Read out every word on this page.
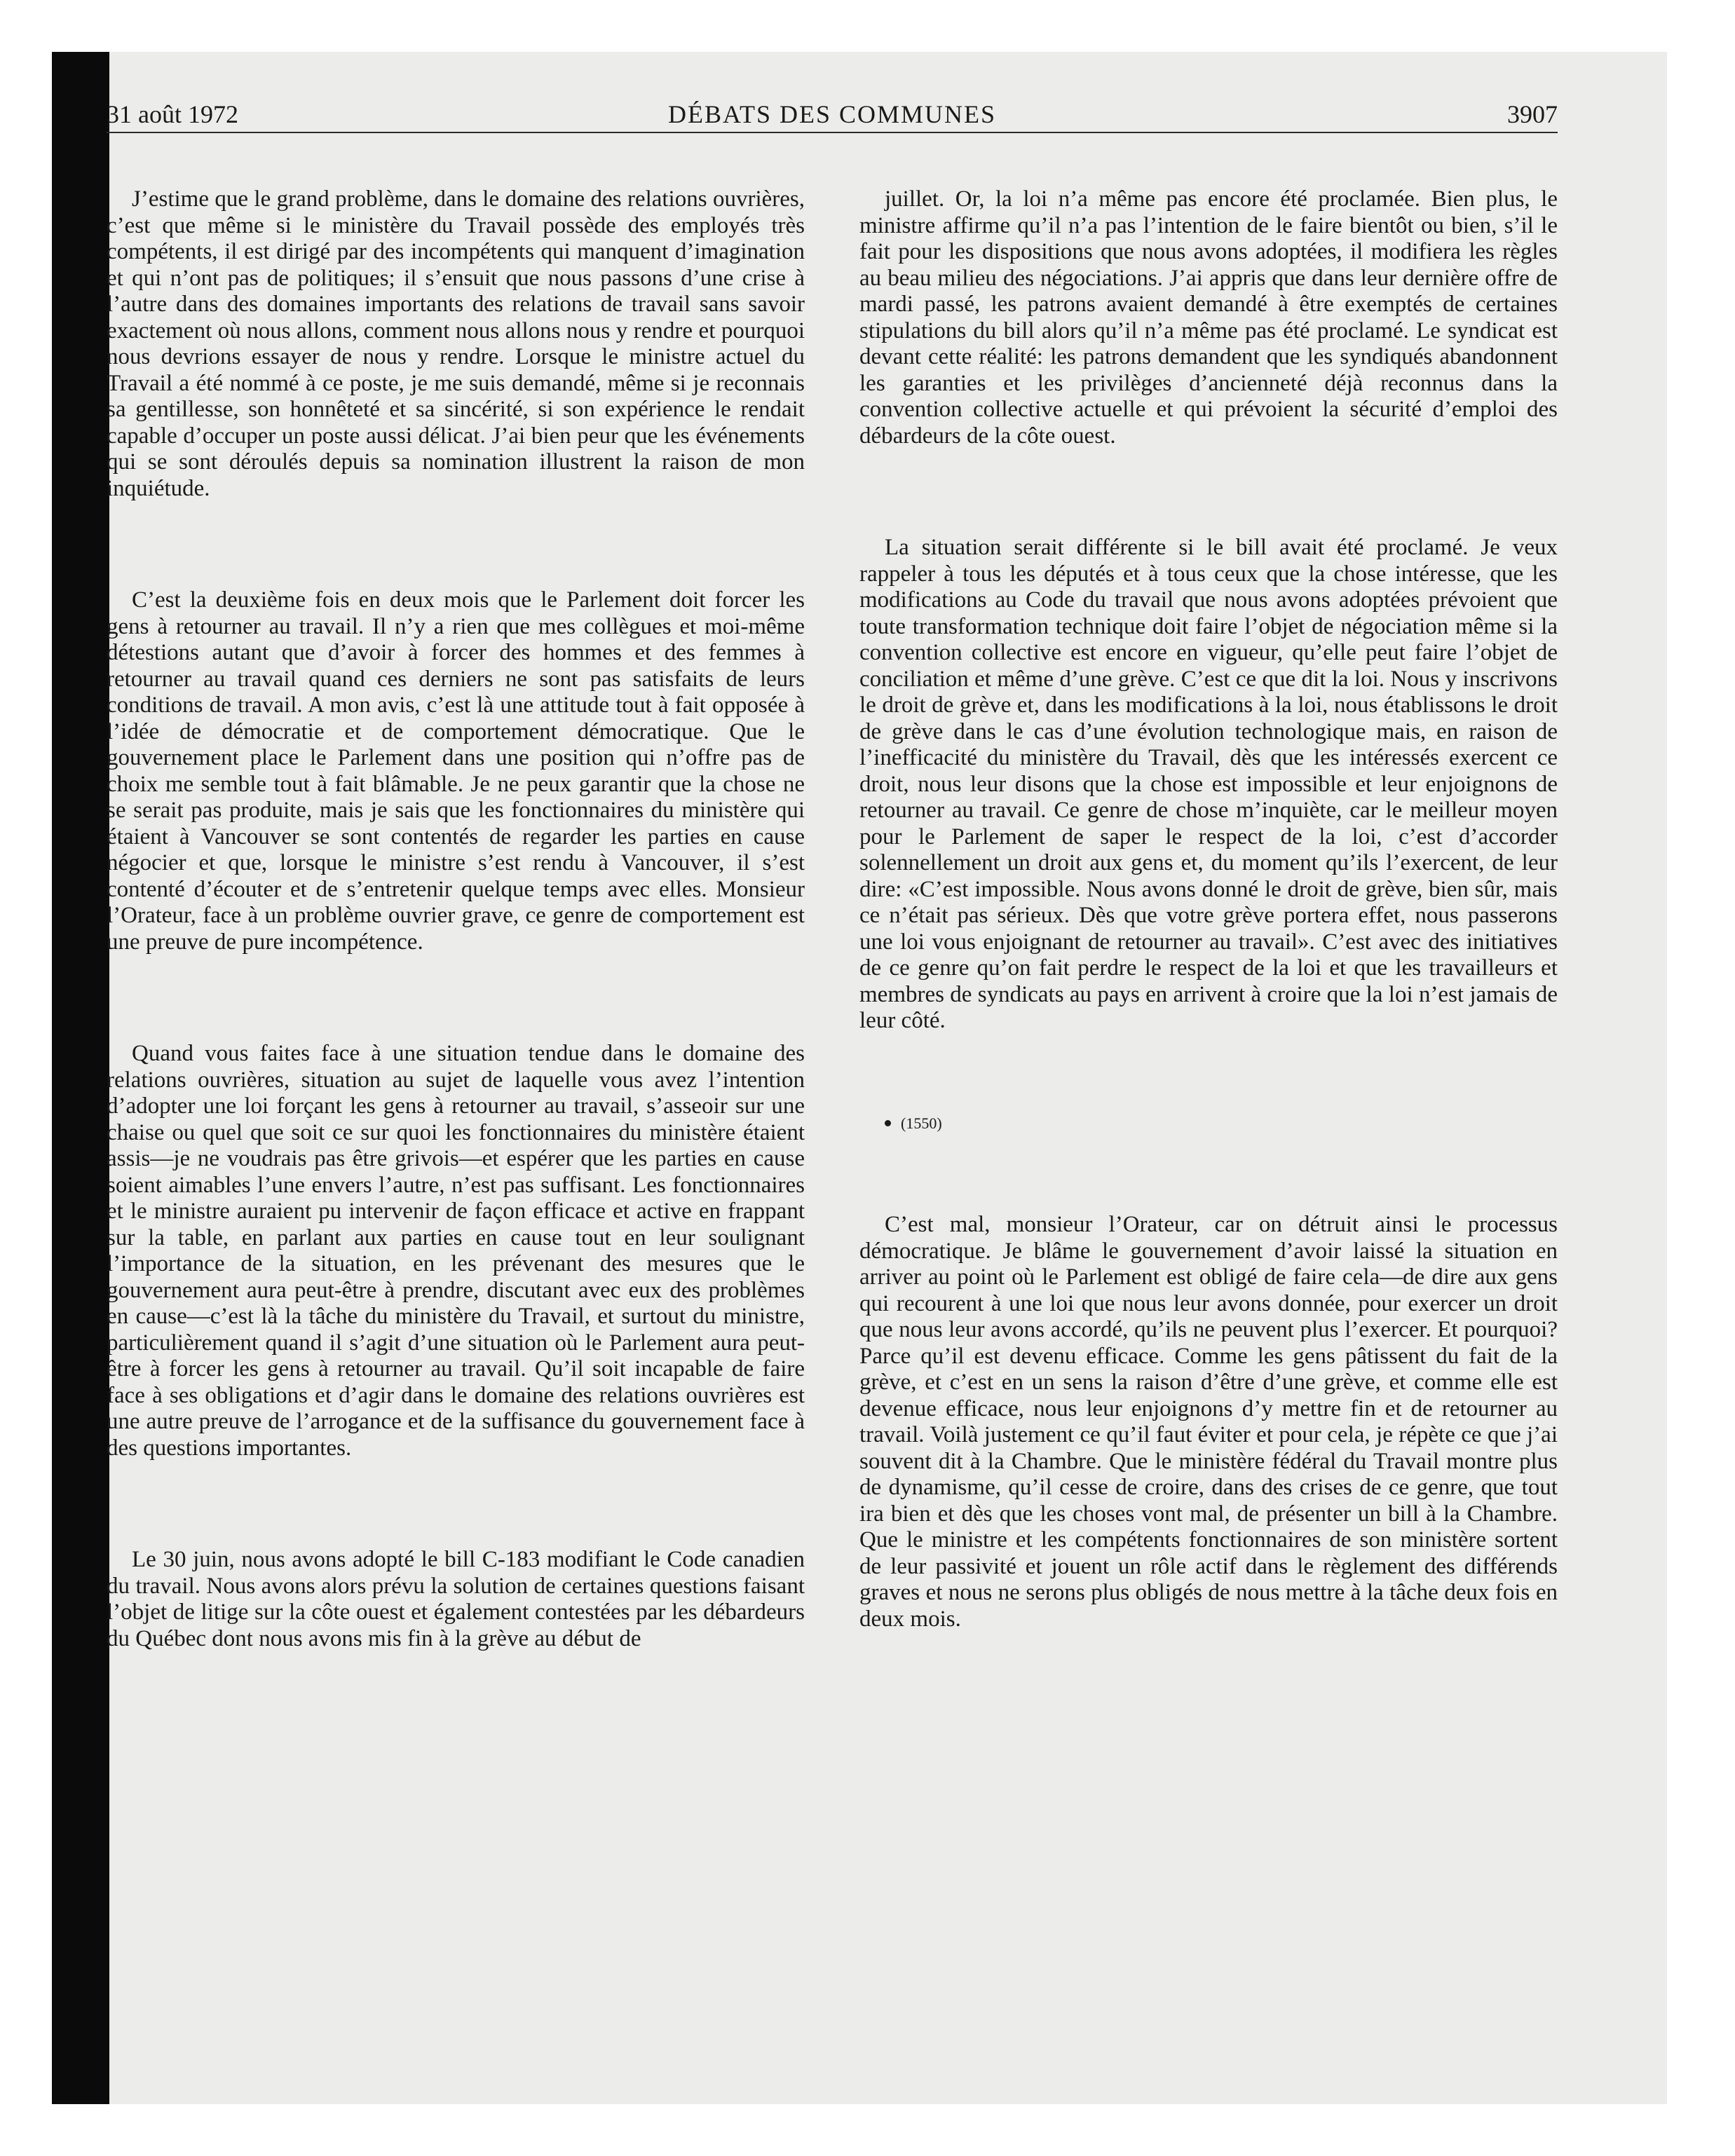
31 août 1972	DÉBATS DES COMMUNES	3907

J’estime que le grand problème, dans le domaine des relations ouvrières, c’est que même si le ministère du Travail possède des employés très compétents, il est dirigé par des incompétents qui manquent d’imagination et qui n’ont pas de politiques; il s’ensuit que nous passons d’une crise à l’autre dans des domaines importants des relations de travail sans savoir exactement où nous allons, comment nous allons nous y rendre et pourquoi nous devrions essayer de nous y rendre. Lorsque le ministre actuel du Travail a été nommé à ce poste, je me suis demandé, même si je reconnais sa gentillesse, son honnêteté et sa sincérité, si son expérience le rendait capable d’occuper un poste aussi délicat. J’ai bien peur que les événements qui se sont déroulés depuis sa nomination illustrent la raison de mon inquiétude.

C’est la deuxième fois en deux mois que le Parlement doit forcer les gens à retourner au travail. Il n’y a rien que mes collègues et moi-même détestions autant que d’avoir à forcer des hommes et des femmes à retourner au travail quand ces derniers ne sont pas satisfaits de leurs conditions de travail. A mon avis, c’est là une attitude tout à fait opposée à l’idée de démocratie et de comportement démocratique. Que le gouvernement place le Parlement dans une position qui n’offre pas de choix me semble tout à fait blâmable. Je ne peux garantir que la chose ne se serait pas produite, mais je sais que les fonctionnaires du ministère qui étaient à Vancouver se sont contentés de regarder les parties en cause négocier et que, lorsque le ministre s’est rendu à Vancouver, il s’est contenté d’écouter et de s’entretenir quelque temps avec elles. Monsieur l’Orateur, face à un problème ouvrier grave, ce genre de comportement est une preuve de pure incompétence.

Quand vous faites face à une situation tendue dans le domaine des relations ouvrières, situation au sujet de laquelle vous avez l’intention d’adopter une loi forçant les gens à retourner au travail, s’asseoir sur une chaise ou quel que soit ce sur quoi les fonctionnaires du ministère étaient assis—je ne voudrais pas être grivois—et espérer que les parties en cause soient aimables l’une envers l’autre, n’est pas suffisant. Les fonctionnaires et le ministre auraient pu intervenir de façon efficace et active en frappant sur la table, en parlant aux parties en cause tout en leur soulignant l’importance de la situation, en les prévenant des mesures que le gouvernement aura peut-être à prendre, discutant avec eux des problèmes en cause—c’est là la tâche du ministère du Travail, et surtout du ministre, particulièrement quand il s’agit d’une situation où le Parlement aura peut-être à forcer les gens à retourner au travail. Qu’il soit incapable de faire face à ses obligations et d’agir dans le domaine des relations ouvrières est une autre preuve de l’arrogance et de la suffisance du gouvernement face à des questions importantes.

Le 30 juin, nous avons adopté le bill C-183 modifiant le Code canadien du travail. Nous avons alors prévu la solution de certaines questions faisant l’objet de litige sur la côte ouest et également contestées par les débardeurs du Québec dont nous avons mis fin à la grève au début de

juillet. Or, la loi n’a même pas encore été proclamée. Bien plus, le ministre affirme qu’il n’a pas l’intention de le faire bientôt ou bien, s’il le fait pour les dispositions que nous avons adoptées, il modifiera les règles au beau milieu des négociations. J’ai appris que dans leur dernière offre de mardi passé, les patrons avaient demandé à être exemptés de certaines stipulations du bill alors qu’il n’a même pas été proclamé. Le syndicat est devant cette réalité: les patrons demandent que les syndiqués abandonnent les garanties et les privilèges d’ancienneté déjà reconnus dans la convention collective actuelle et qui prévoient la sécurité d’emploi des débardeurs de la côte ouest.

La situation serait différente si le bill avait été proclamé. Je veux rappeler à tous les députés et à tous ceux que la chose intéresse, que les modifications au Code du travail que nous avons adoptées prévoient que toute transformation technique doit faire l’objet de négociation même si la convention collective est encore en vigueur, qu’elle peut faire l’objet de conciliation et même d’une grève. C’est ce que dit la loi. Nous y inscrivons le droit de grève et, dans les modifications à la loi, nous établissons le droit de grève dans le cas d’une évolution technologique mais, en raison de l’inefficacité du ministère du Travail, dès que les intéressés exercent ce droit, nous leur disons que la chose est impossible et leur enjoignons de retourner au travail. Ce genre de chose m’inquiète, car le meilleur moyen pour le Parlement de saper le respect de la loi, c’est d’accorder solennellement un droit aux gens et, du moment qu’ils l’exercent, de leur dire: «C’est impossible. Nous avons donné le droit de grève, bien sûr, mais ce n’était pas sérieux. Dès que votre grève portera effet, nous passerons une loi vous enjoignant de retourner au travail». C’est avec des initiatives de ce genre qu’on fait perdre le respect de la loi et que les travailleurs et membres de syndicats au pays en arrivent à croire que la loi n’est jamais de leur côté.

(1550)

C’est mal, monsieur l’Orateur, car on détruit ainsi le processus démocratique. Je blâme le gouvernement d’avoir laissé la situation en arriver au point où le Parlement est obligé de faire cela—de dire aux gens qui recourent à une loi que nous leur avons donnée, pour exercer un droit que nous leur avons accordé, qu’ils ne peuvent plus l’exercer. Et pourquoi? Parce qu’il est devenu efficace. Comme les gens pâtissent du fait de la grève, et c’est en un sens la raison d’être d’une grève, et comme elle est devenue efficace, nous leur enjoignons d’y mettre fin et de retourner au travail. Voilà justement ce qu’il faut éviter et pour cela, je répète ce que j’ai souvent dit à la Chambre. Que le ministère fédéral du Travail montre plus de dynamisme, qu’il cesse de croire, dans des crises de ce genre, que tout ira bien et dès que les choses vont mal, de présenter un bill à la Chambre. Que le ministre et les compétents fonctionnaires de son ministère sortent de leur passivité et jouent un rôle actif dans le règlement des différends graves et nous ne serons plus obligés de nous mettre à la tâche deux fois en deux mois.
